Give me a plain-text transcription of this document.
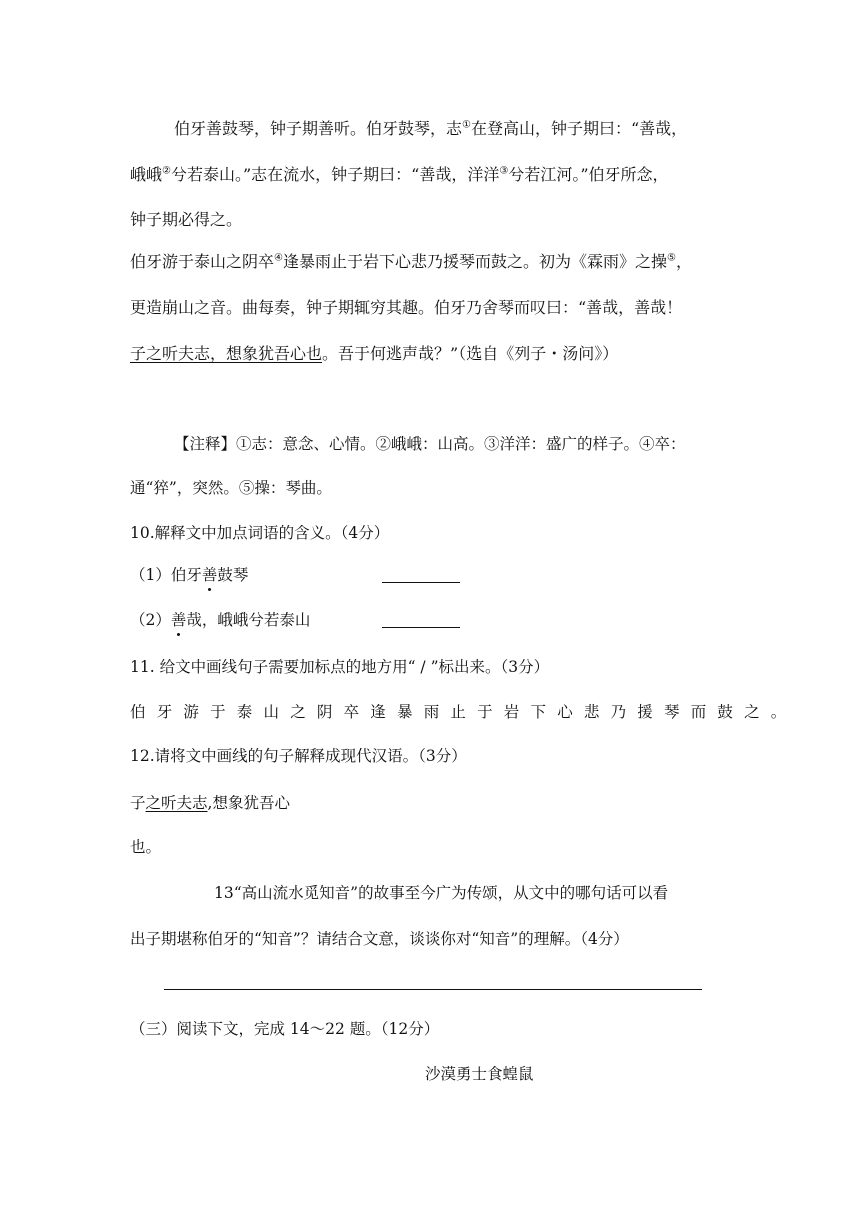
伯牙善鼓琴，钟子期善听。伯牙鼓琴，志①在登高山，钟子期曰：“善哉，
峨峨②兮若泰山。”志在流水，钟子期曰：“善哉，洋洋③兮若江河。”伯牙所念，
钟子期必得之。
伯牙游于泰山之阴卒④逢暴雨止于岩下心悲乃援琴而鼓之。初为《霖雨》之操⑤，
更造崩山之音。曲每奏，钟子期辄穷其趣。伯牙乃舍琴而叹曰：“善哉，善哉！
子之听夫志，想象犹吾心也。吾于何逃声哉？”（选自《列子・汤问》）
【注释】①志：意念、心情。②峨峨：山高。③洋洋：盛广的样子。④卒：
通“猝”，突然。⑤操：琴曲。
10.解释文中加点词语的含义。（4分）
（1）伯牙善鼓琴
（2）善哉，峨峨兮若泰山
11. 给文中画线句子需要加标点的地方用“ / ”标出来。（3分）
伯牙游于泰山之阴卒逢暴雨止于岩下心悲乃援琴而鼓之。
12.请将文中画线的句子解释成现代汉语。（3分）
子之听夫志,想象犹吾心
也。
13“高山流水觅知音”的故事至今广为传颂，从文中的哪句话可以看
出子期堪称伯牙的“知音”？请结合文意，谈谈你对“知音”的理解。（4分）
（三）阅读下文，完成 14～22 题。（12分）
沙漠勇士食蝗鼠
